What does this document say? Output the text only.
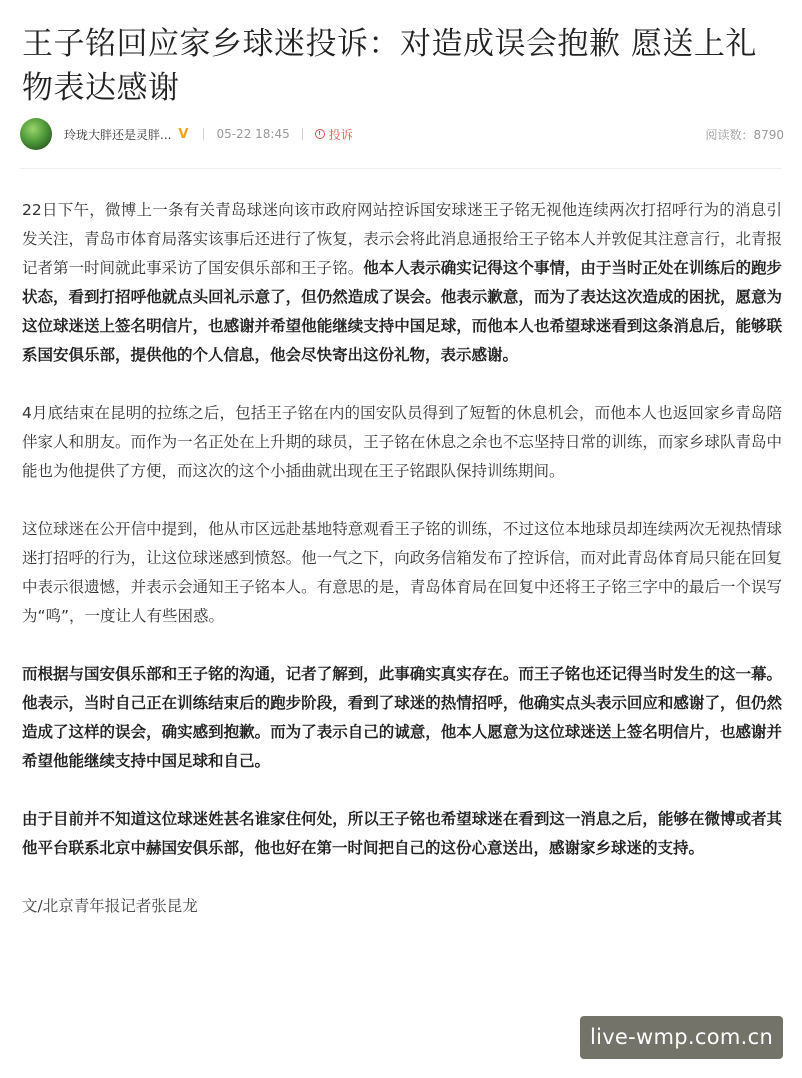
王子铭回应家乡球迷投诉：对造成误会抱歉 愿送上礼物表达感谢
玲珑大胖还是灵胖... V 05-22 18:45	投诉	阅读数：8790

22日下午，微博上一条有关青岛球迷向该市政府网站控诉国安球迷王子铭无视他连续两次打招呼行为的消息引发关注，青岛市体育局落实该事后还进行了恢复，表示会将此消息通报给王子铭本人并敦促其注意言行，北青报记者第一时间就此事采访了国安俱乐部和王子铭。他本人表示确实记得这个事情，由于当时正处在训练后的跑步状态，看到打招呼他就点头回礼示意了，但仍然造成了误会。他表示歉意，而为了表达这次造成的困扰，愿意为这位球迷送上签名明信片，也感谢并希望他能继续支持中国足球，而他本人也希望球迷看到这条消息后，能够联系国安俱乐部，提供他的个人信息，他会尽快寄出这份礼物，表示感谢。

4月底结束在昆明的拉练之后，包括王子铭在内的国安队员得到了短暂的休息机会，而他本人也返回家乡青岛陪伴家人和朋友。而作为一名正处在上升期的球员，王子铭在休息之余也不忘坚持日常的训练，而家乡球队青岛中能也为他提供了方便，而这次的这个小插曲就出现在王子铭跟队保持训练期间。

这位球迷在公开信中提到，他从市区远赴基地特意观看王子铭的训练，不过这位本地球员却连续两次无视热情球迷打招呼的行为，让这位球迷感到愤怒。他一气之下，向政务信箱发布了控诉信，而对此青岛体育局只能在回复中表示很遗憾，并表示会通知王子铭本人。有意思的是，青岛体育局在回复中还将王子铭三字中的最后一个误写为“鸣”，一度让人有些困惑。

而根据与国安俱乐部和王子铭的沟通，记者了解到，此事确实真实存在。而王子铭也还记得当时发生的这一幕。他表示，当时自己正在训练结束后的跑步阶段，看到了球迷的热情招呼，他确实点头表示回应和感谢了，但仍然造成了这样的误会，确实感到抱歉。而为了表示自己的诚意，他本人愿意为这位球迷送上签名明信片，也感谢并希望他能继续支持中国足球和自己。

由于目前并不知道这位球迷姓甚名谁家住何处，所以王子铭也希望球迷在看到这一消息之后，能够在微博或者其他平台联系北京中赫国安俱乐部，他也好在第一时间把自己的这份心意送出，感谢家乡球迷的支持。

文/北京青年报记者张昆龙

live-wmp.com.cn
